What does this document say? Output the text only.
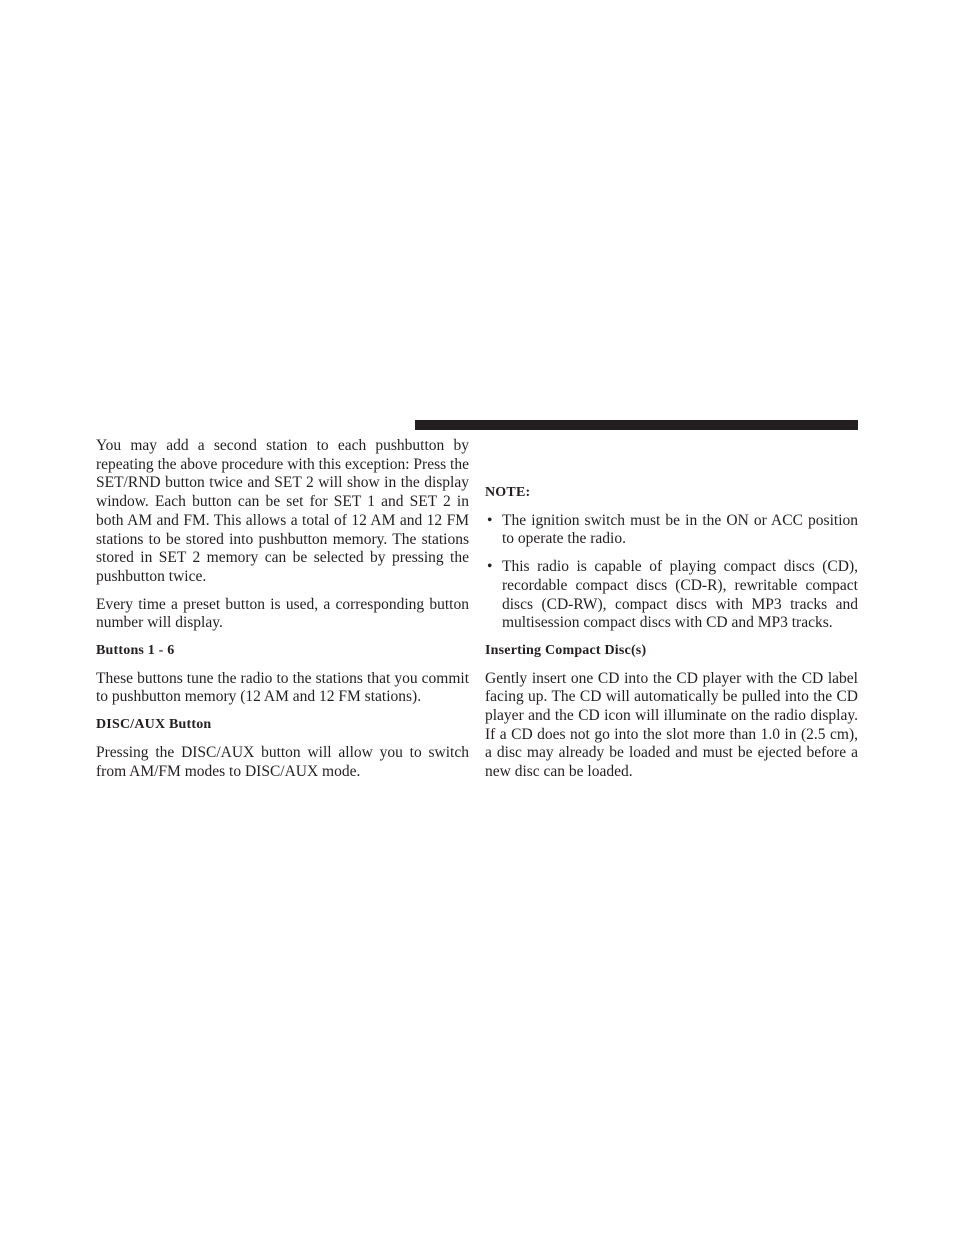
You may add a second station to each pushbutton by repeating the above procedure with this exception: Press the SET/RND button twice and SET 2 will show in the display window. Each button can be set for SET 1 and SET 2 in both AM and FM. This allows a total of 12 AM and 12 FM stations to be stored into pushbutton memory. The stations stored in SET 2 memory can be selected by pressing the pushbutton twice.

Every time a preset button is used, a corresponding button number will display.

Buttons 1 - 6

These buttons tune the radio to the stations that you commit to pushbutton memory (12 AM and 12 FM stations).

DISC/AUX Button

Pressing the DISC/AUX button will allow you to switch from AM/FM modes to DISC/AUX mode.

NOTE:
• The ignition switch must be in the ON or ACC position to operate the radio.
• This radio is capable of playing compact discs (CD), recordable compact discs (CD-R), rewritable compact discs (CD-RW), compact discs with MP3 tracks and multisession compact discs with CD and MP3 tracks.
Inserting Compact Disc(s)

Gently insert one CD into the CD player with the CD label facing up. The CD will automatically be pulled into the CD player and the CD icon will illuminate on the radio display. If a CD does not go into the slot more than 1.0 in (2.5 cm), a disc may already be loaded and must be ejected before a new disc can be loaded.
